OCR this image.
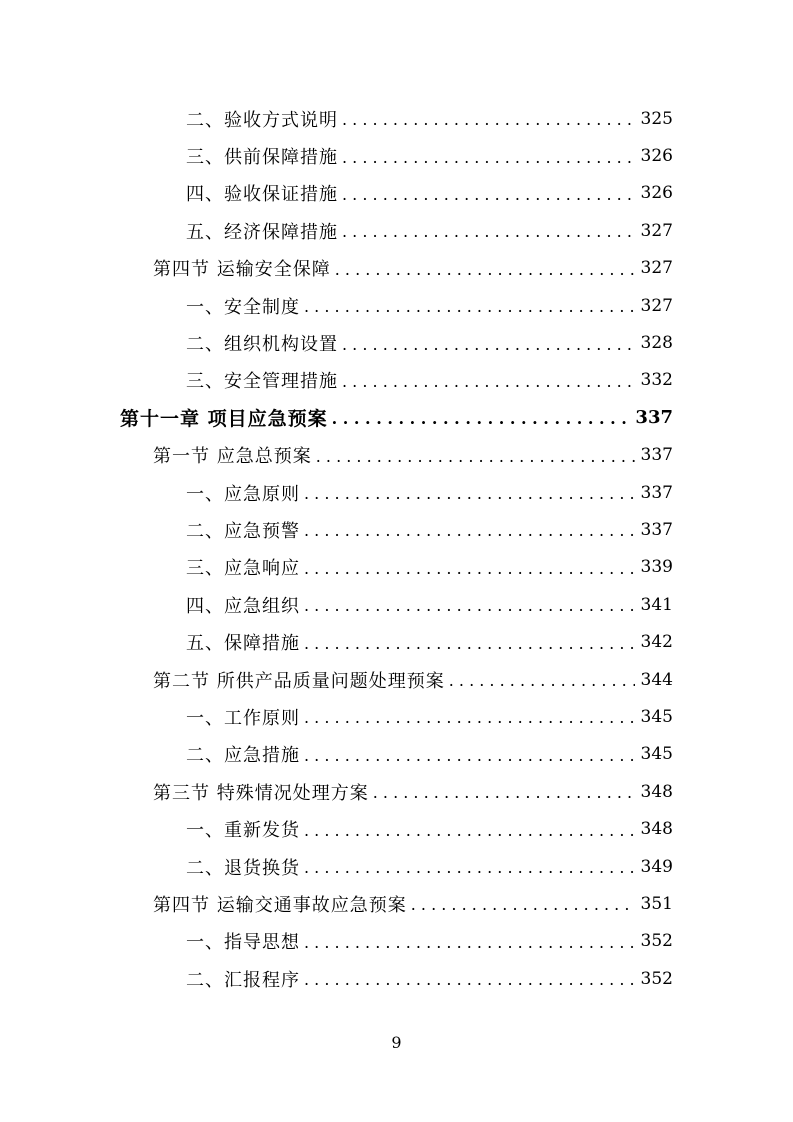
二、验收方式说明 . . .	325
三、供前保障措施 . . .	326
四、验收保证措施 . . .	326
五、经济保障措施 . . .	327
第四节 运输安全保障 . . .	327
一、安全制度 . . .	327
二、组织机构设置 . . .	328
三、安全管理措施 . . .	332
第十一章 项目应急预案 . . .	337
第一节 应急总预案 . . .	337
一、应急原则 . . .	337
二、应急预警 . . .	337
三、应急响应 . . .	339
四、应急组织 . . .	341
五、保障措施 . . .	342
第二节 所供产品质量问题处理预案 . . .	344
一、工作原则 . . .	345
二、应急措施 . . .	345
第三节 特殊情况处理方案 . . .	348
一、重新发货 . . .	348
二、退货换货 . . .	349
第四节 运输交通事故应急预案 . . .	351
一、指导思想 . . .	352
二、汇报程序 . . .	352
9
